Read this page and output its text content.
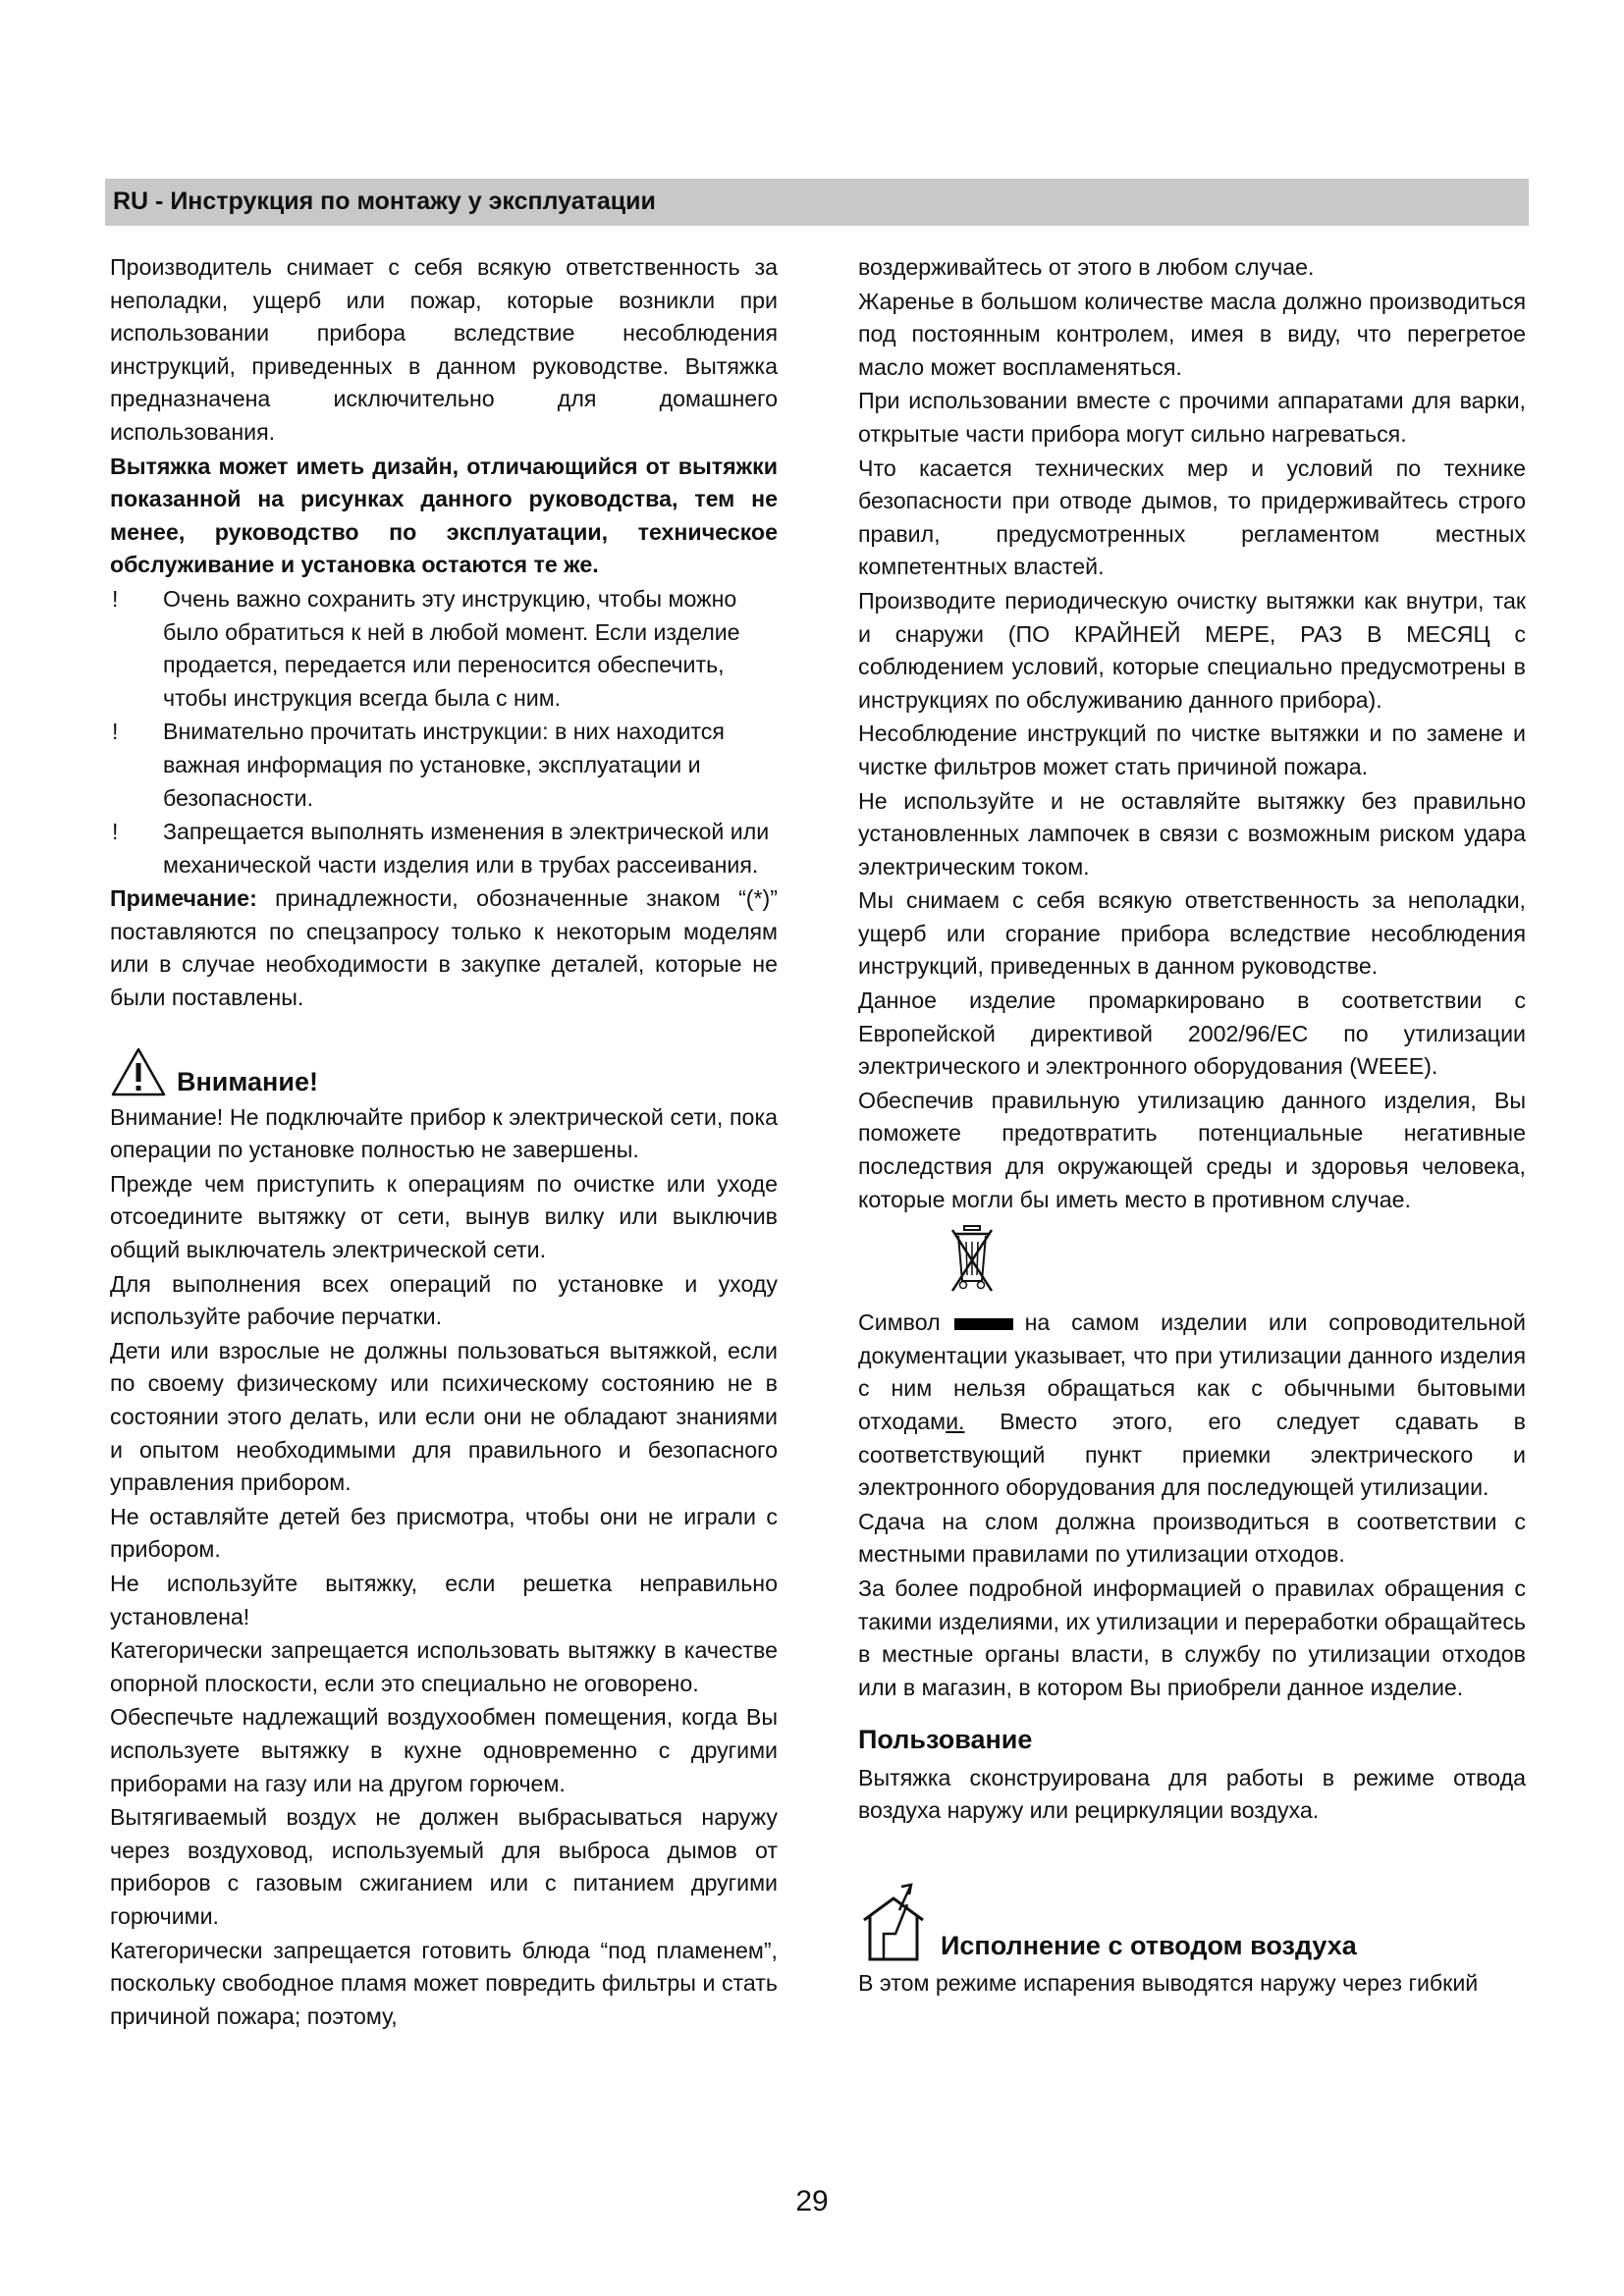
RU - Инструкция по монтажу у эксплуатации

Производитель снимает с себя всякую ответственность за неполадки, ущерб или пожар, которые возникли при использовании прибора вследствие несоблюдения инструкций, приведенных в данном руководстве. Вытяжка предназначена исключительно для домашнего использования.

Вытяжка может иметь дизайн, отличающийся от вытяжки показанной на рисунках данного руководства, тем не менее, руководство по эксплуатации, техническое обслуживание и установка остаются те же.

! Очень важно сохранить эту инструкцию, чтобы можно было обратиться к ней в любой момент. Если изделие продается, передается или переносится обеспечить, чтобы инструкция всегда была с ним.
! Внимательно прочитать инструкции: в них находится важная информация по установке, эксплуатации и безопасности.
! Запрещается выполнять изменения в электрической или механической части изделия или в трубах рассеивания.

Примечание: принадлежности, обозначенные знаком “(*)” поставляются по спецзапросу только к некоторым моделям или в случае необходимости в закупке деталей, которые не были поставлены.

Внимание!

Внимание! Не подключайте прибор к электрической сети, пока операции по установке полностью не завершены.

Прежде чем приступить к операциям по очистке или уходе отсоедините вытяжку от сети, вынув вилку или выключив общий выключатель электрической сети.

Для выполнения всех операций по установке и уходу используйте рабочие перчатки.

Дети или взрослые не должны пользоваться вытяжкой, если по своему физическому или психическому состоянию не в состоянии этого делать, или если они не обладают знаниями и опытом необходимыми для правильного и безопасного управления прибором.

Не оставляйте детей без присмотра, чтобы они не играли с прибором.

Не используйте вытяжку, если решетка неправильно установлена!

Категорически запрещается использовать вытяжку в качестве опорной плоскости, если это специально не оговорено.

Обеспечьте надлежащий воздухообмен помещения, когда Вы используете вытяжку в кухне одновременно с другими приборами на газу или на другом горючем.

Вытягиваемый воздух не должен выбрасываться наружу через воздуховод, используемый для выброса дымов от приборов с газовым сжиганием или с питанием другими горючими.

Категорически запрещается готовить блюда “под пламенем”, поскольку свободное пламя может повредить фильтры и стать причиной пожара; поэтому,

воздерживайтесь от этого в любом случае.

Жаренье в большом количестве масла должно производиться под постоянным контролем, имея в виду, что перегретое масло может воспламеняться.

При использовании вместе с прочими аппаратами для варки, открытые части прибора могут сильно нагреваться.

Что касается технических мер и условий по технике безопасности при отводе дымов, то придерживайтесь строго правил, предусмотренных регламентом местных компетентных властей.

Производите периодическую очистку вытяжки как внутри, так и снаружи (ПО КРАЙНЕЙ МЕРЕ, РАЗ В МЕСЯЦ с соблюдением условий, которые специально предусмотрены в инструкциях по обслуживанию данного прибора).

Несоблюдение инструкций по чистке вытяжки и по замене и чистке фильтров может стать причиной пожара.

Не используйте и не оставляйте вытяжку без правильно установленных лампочек в связи с возможным риском удара электрическим током.

Мы снимаем с себя всякую ответственность за неполадки, ущерб или сгорание прибора вследствие несоблюдения инструкций, приведенных в данном руководстве.

Данное изделие промаркировано в соответствии с Европейской директивой 2002/96/EC по утилизации электрического и электронного оборудования (WEEE).

Обеспечив правильную утилизацию данного изделия, Вы поможете предотвратить потенциальные негативные последствия для окружающей среды и здоровья человека, которые могли бы иметь место в противном случае.

Символ	на самом изделии или сопроводительной документации указывает, что при утилизации данного изделия с ним нельзя обращаться как с обычными бытовыми отходами. Вместо этого, его следует сдавать в соответствующий пункт приемки электрического и электронного оборудования для последующей утилизации.

Сдача на слом должна производиться в соответствии с местными правилами по утилизации отходов.

За более подробной информацией о правилах обращения с такими изделиями, их утилизации и переработки обращайтесь в местные органы власти, в службу по утилизации отходов или в магазин, в котором Вы приобрели данное изделие.

Пользование

Вытяжка сконструирована для работы в режиме отвода воздуха наружу или рециркуляции воздуха.

Исполнение с отводом воздуха

В этом режиме испарения выводятся наружу через гибкий

29
